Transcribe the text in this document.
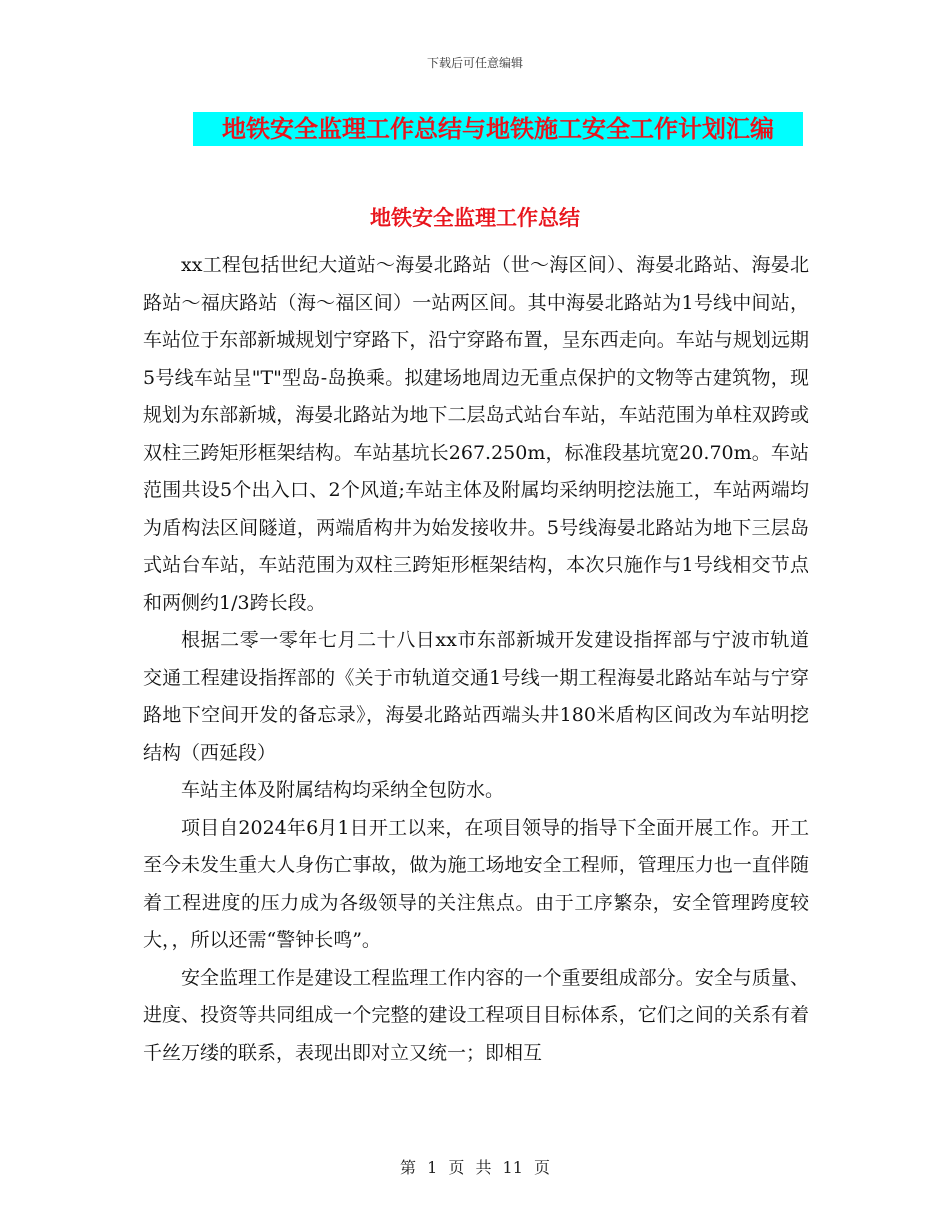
下载后可任意编辑
地铁安全监理工作总结与地铁施工安全工作计划汇编
地铁安全监理工作总结

xx工程包括世纪大道站～海晏北路站（世～海区间）、海晏北路站、海晏北路站～福庆路站（海～福区间）一站两区间。其中海晏北路站为1号线中间站，车站位于东部新城规划宁穿路下，沿宁穿路布置，呈东西走向。车站与规划远期5号线车站呈"T"型岛-岛换乘。拟建场地周边无重点保护的文物等古建筑物，现规划为东部新城，海晏北路站为地下二层岛式站台车站，车站范围为单柱双跨或双柱三跨矩形框架结构。车站基坑长267.250m，标准段基坑宽20.70m。车站范围共设5个出入口、2个风道;车站主体及附属均采纳明挖法施工，车站两端均为盾构法区间隧道，两端盾构井为始发接收井。5号线海晏北路站为地下三层岛式站台车站，车站范围为双柱三跨矩形框架结构，本次只施作与1号线相交节点和两侧约1/3跨长段。

根据二零一零年七月二十八日xx市东部新城开发建设指挥部与宁波市轨道交通工程建设指挥部的《关于市轨道交通1号线一期工程海晏北路站车站与宁穿路地下空间开发的备忘录》，海晏北路站西端头井180米盾构区间改为车站明挖结构（西延段）

车站主体及附属结构均采纳全包防水。

项目自2024年6月1日开工以来，在项目领导的指导下全面开展工作。开工至今未发生重大人身伤亡事故，做为施工场地安全工程师，管理压力也一直伴随着工程进度的压力成为各级领导的关注焦点。由于工序繁杂，安全管理跨度较大，，所以还需“警钟长鸣”。

安全监理工作是建设工程监理工作内容的一个重要组成部分。安全与质量、进度、投资等共同组成一个完整的建设工程项目目标体系，它们之间的关系有着千丝万缕的联系，表现出即对立又统一；即相互

第 1 页 共 11 页
